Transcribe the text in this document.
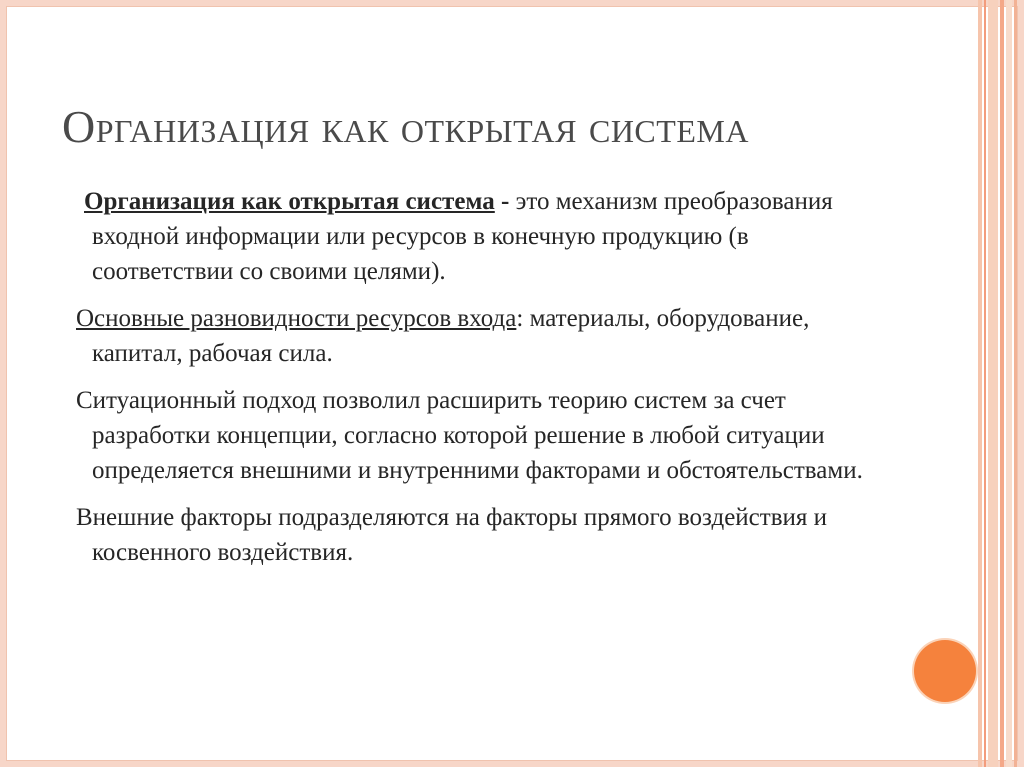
Организация как открытая система

Организация как открытая система - это механизм преобразования входной информации или ресурсов в конечную продукцию (в соответствии со своими целями).

Основные разновидности ресурсов входа: материалы, оборудование, капитал, рабочая сила.

Ситуационный подход позволил расширить теорию систем за счет разработки концепции, согласно которой решение в любой ситуации определяется внешними и внутренними факторами и обстоятельствами.

Внешние факторы подразделяются на факторы прямого воздействия и косвенного воздействия.
